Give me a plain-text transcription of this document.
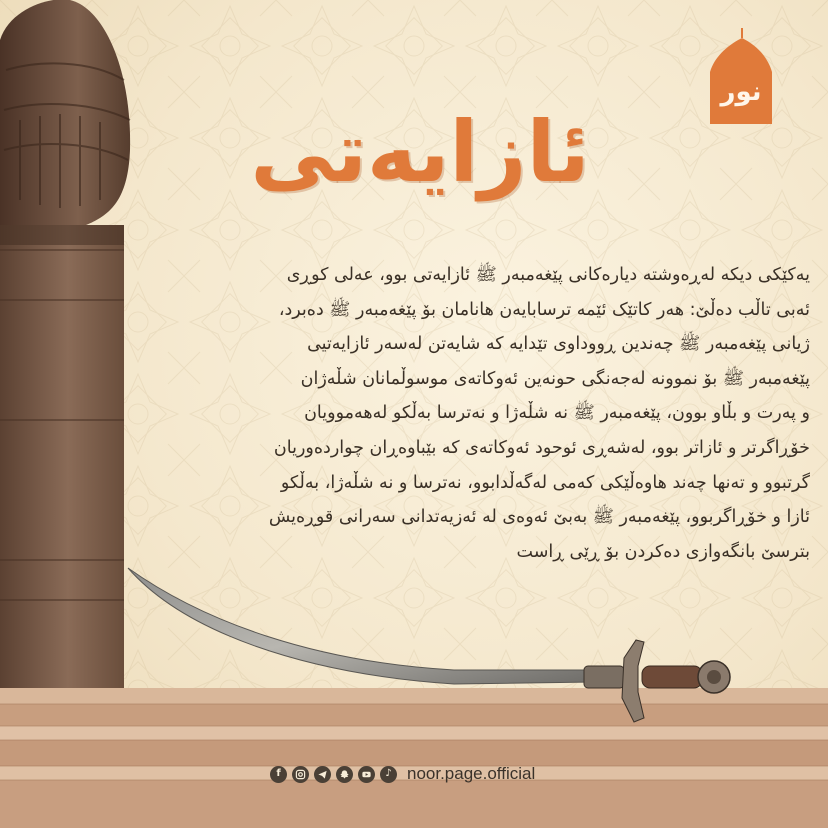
نور
ئازایەتی
یەکێکی دیکە لەڕەوشتە دیارەکانی پێغەمبەر ﷺ ئازایەتی بوو، عەلی کوڕی
ئەبی تاڵب دەڵێ: هەر کاتێک ئێمە ترسابایەن هانامان بۆ پێغەمبەر ﷺ دەبرد،
ژیانی پێغەمبەر ﷺ چەندین ڕووداوی تێدایە کە شایەتن لەسەر ئازایەتیی
پێغەمبەر ﷺ بۆ نموونە لەجەنگی حونەین ئەوکاتەی موسوڵمانان شڵەژان
و پەرت و بڵاو بوون، پێغەمبەر ﷺ نە شڵەژا و نەترسا بەڵکو لەهەموویان
خۆڕاگرتر و ئازاتر بوو، لەشەڕی ئوحود ئەوکاتەی کە بێباوەڕان چواردەوریان
گرتبوو و تەنها چەند هاوەڵێکی کەمی لەگەڵدابوو، نەترسا و نە شڵەژا، بەڵکو
ئازا و خۆڕاگربوو، پێغەمبەر ﷺ بەبێ ئەوەی لە ئەزیەتدانی سەرانی قوڕەیش
بترسێ بانگەوازی دەکردن بۆ ڕێی ڕاست
f	♪ noor.page.official
